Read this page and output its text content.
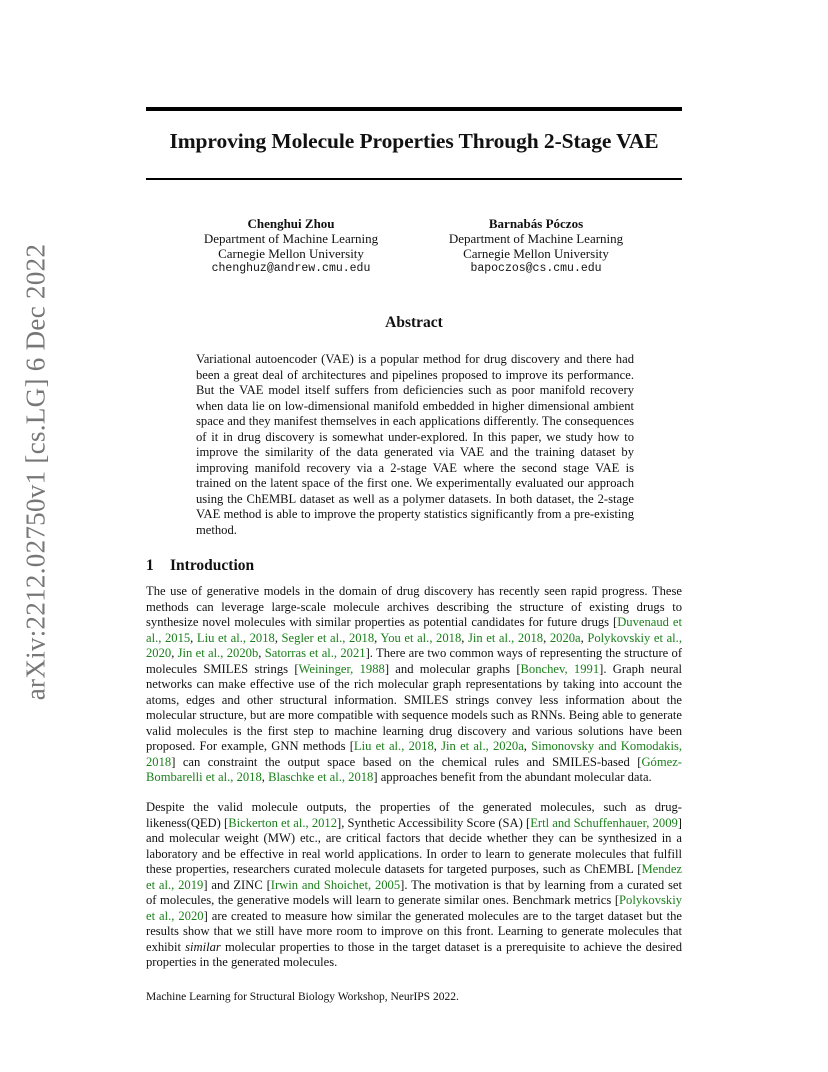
arXiv:2212.02750v1 [cs.LG] 6 Dec 2022
Improving Molecule Properties Through 2-Stage VAE
Chenghui Zhou
Department of Machine Learning
Carnegie Mellon University
chenghuz@andrew.cmu.edu
Barnabás Póczos
Department of Machine Learning
Carnegie Mellon University
bapoczos@cs.cmu.edu
Abstract

Variational autoencoder (VAE) is a popular method for drug discovery and there had been a great deal of architectures and pipelines proposed to improve its performance. But the VAE model itself suffers from deficiencies such as poor manifold recovery when data lie on low-dimensional manifold embedded in higher dimensional ambient space and they manifest themselves in each applications differently. The consequences of it in drug discovery is somewhat under-explored. In this paper, we study how to improve the similarity of the data generated via VAE and the training dataset by improving manifold recovery via a 2-stage VAE where the second stage VAE is trained on the latent space of the first one. We experimentally evaluated our approach using the ChEMBL dataset as well as a polymer datasets. In both dataset, the 2-stage VAE method is able to improve the property statistics significantly from a pre-existing method.

1 Introduction

The use of generative models in the domain of drug discovery has recently seen rapid progress. These methods can leverage large-scale molecule archives describing the structure of existing drugs to synthesize novel molecules with similar properties as potential candidates for future drugs [Duvenaud et al., 2015, Liu et al., 2018, Segler et al., 2018, You et al., 2018, Jin et al., 2018, 2020a, Polykovskiy et al., 2020, Jin et al., 2020b, Satorras et al., 2021]. There are two common ways of representing the structure of molecules SMILES strings [Weininger, 1988] and molecular graphs [Bonchev, 1991]. Graph neural networks can make effective use of the rich molecular graph representations by taking into account the atoms, edges and other structural information. SMILES strings convey less information about the molecular structure, but are more compatible with sequence models such as RNNs. Being able to generate valid molecules is the first step to machine learning drug discovery and various solutions have been proposed. For example, GNN methods [Liu et al., 2018, Jin et al., 2020a, Simonovsky and Komodakis, 2018] can constraint the output space based on the chemical rules and SMILES-based [Gómez-Bombarelli et al., 2018, Blaschke et al., 2018] approaches benefit from the abundant molecular data.

Despite the valid molecule outputs, the properties of the generated molecules, such as drug-likeness(QED) [Bickerton et al., 2012], Synthetic Accessibility Score (SA) [Ertl and Schuffenhauer, 2009] and molecular weight (MW) etc., are critical factors that decide whether they can be synthesized in a laboratory and be effective in real world applications. In order to learn to generate molecules that fulfill these properties, researchers curated molecule datasets for targeted purposes, such as ChEMBL [Mendez et al., 2019] and ZINC [Irwin and Shoichet, 2005]. The motivation is that by learning from a curated set of molecules, the generative models will learn to generate similar ones. Benchmark metrics [Polykovskiy et al., 2020] are created to measure how similar the generated molecules are to the target dataset but the results show that we still have more room to improve on this front. Learning to generate molecules that exhibit similar molecular properties to those in the target dataset is a prerequisite to achieve the desired properties in the generated molecules.

Machine Learning for Structural Biology Workshop, NeurIPS 2022.
